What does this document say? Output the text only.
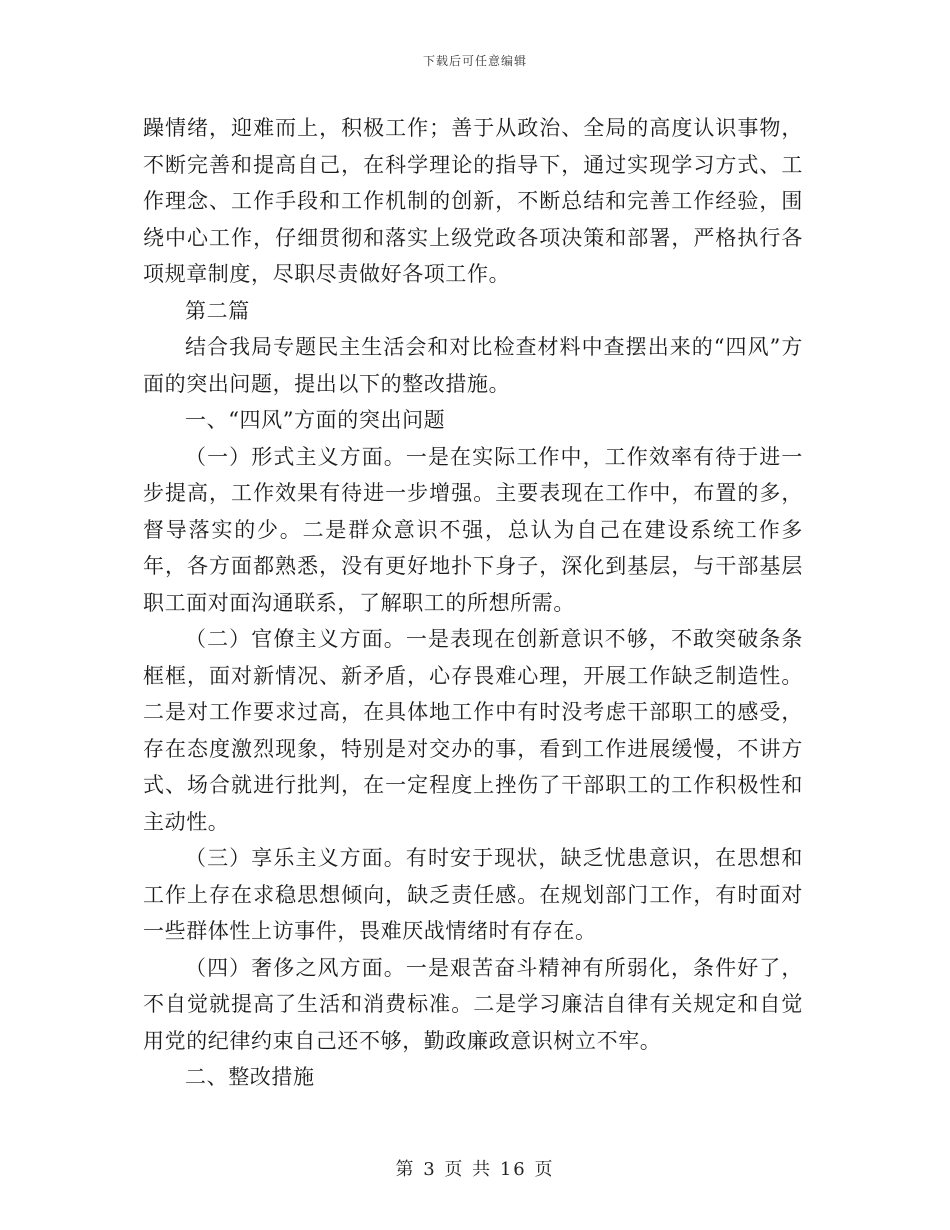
下载后可任意编辑

躁情绪，迎难而上，积极工作；善于从政治、全局的高度认识事物，不断完善和提高自己，在科学理论的指导下，通过实现学习方式、工作理念、工作手段和工作机制的创新，不断总结和完善工作经验，围绕中心工作，仔细贯彻和落实上级党政各项决策和部署，严格执行各项规章制度，尽职尽责做好各项工作。

第二篇

结合我局专题民主生活会和对比检查材料中查摆出来的“四风”方面的突出问题，提出以下的整改措施。

一、“四风”方面的突出问题

（一）形式主义方面。一是在实际工作中，工作效率有待于进一步提高，工作效果有待进一步增强。主要表现在工作中，布置的多，督导落实的少。二是群众意识不强，总认为自己在建设系统工作多年，各方面都熟悉，没有更好地扑下身子，深化到基层，与干部基层职工面对面沟通联系，了解职工的所想所需。

（二）官僚主义方面。一是表现在创新意识不够，不敢突破条条框框，面对新情况、新矛盾，心存畏难心理，开展工作缺乏制造性。二是对工作要求过高，在具体地工作中有时没考虑干部职工的感受，存在态度激烈现象，特别是对交办的事，看到工作进展缓慢，不讲方式、场合就进行批判，在一定程度上挫伤了干部职工的工作积极性和主动性。

（三）享乐主义方面。有时安于现状，缺乏忧患意识，在思想和工作上存在求稳思想倾向，缺乏责任感。在规划部门工作，有时面对一些群体性上访事件，畏难厌战情绪时有存在。

（四）奢侈之风方面。一是艰苦奋斗精神有所弱化，条件好了，不自觉就提高了生活和消费标准。二是学习廉洁自律有关规定和自觉用党的纪律约束自己还不够，勤政廉政意识树立不牢。

二、整改措施

第 3 页 共 16 页
